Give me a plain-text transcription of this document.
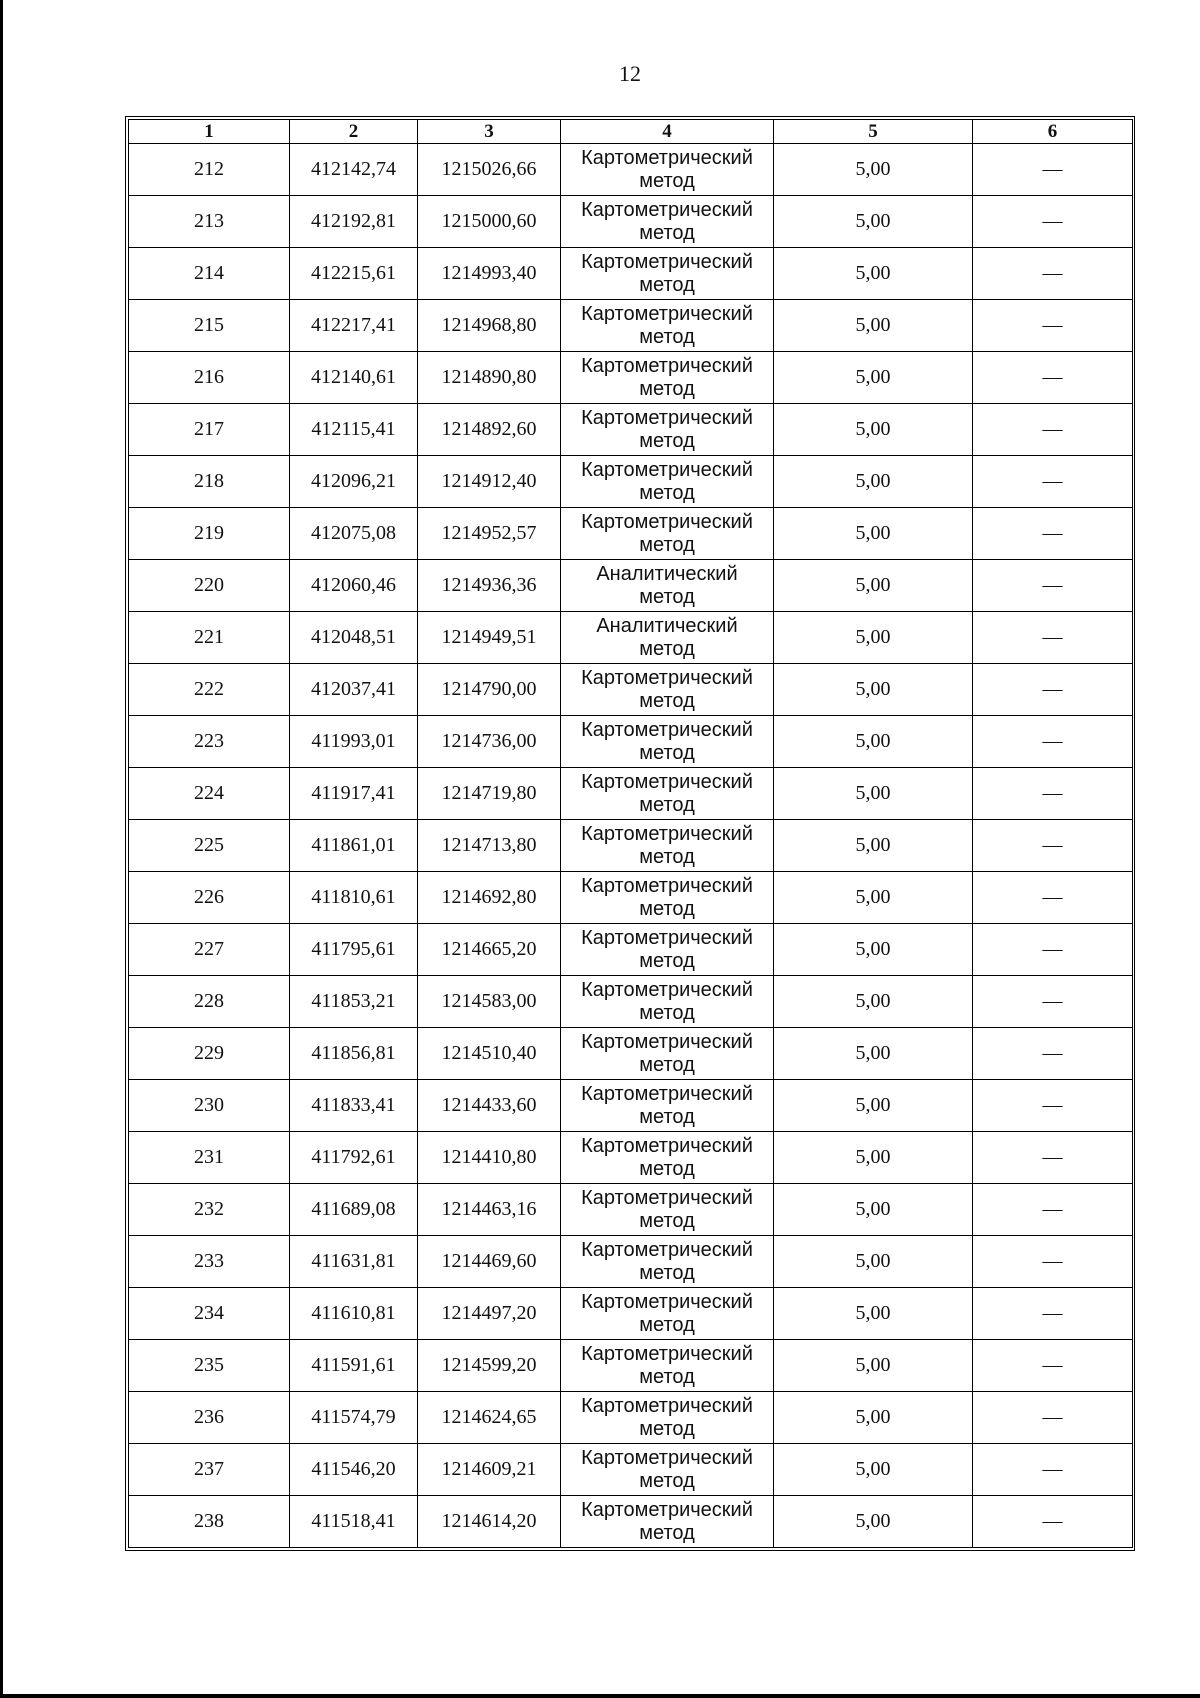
12
1	2	3	4	5	6
212	412142,74	1215026,66	Картометрический
метод	5,00	—
213	412192,81	1215000,60	Картометрический
метод	5,00	—
214	412215,61	1214993,40	Картометрический
метод	5,00	—
215	412217,41	1214968,80	Картометрический
метод	5,00	—
216	412140,61	1214890,80	Картометрический
метод	5,00	—
217	412115,41	1214892,60	Картометрический
метод	5,00	—
218	412096,21	1214912,40	Картометрический
метод	5,00	—
219	412075,08	1214952,57	Картометрический
метод	5,00	—
220	412060,46	1214936,36	Аналитический
метод	5,00	—
221	412048,51	1214949,51	Аналитический
метод	5,00	—
222	412037,41	1214790,00	Картометрический
метод	5,00	—
223	411993,01	1214736,00	Картометрический
метод	5,00	—
224	411917,41	1214719,80	Картометрический
метод	5,00	—
225	411861,01	1214713,80	Картометрический
метод	5,00	—
226	411810,61	1214692,80	Картометрический
метод	5,00	—
227	411795,61	1214665,20	Картометрический
метод	5,00	—
228	411853,21	1214583,00	Картометрический
метод	5,00	—
229	411856,81	1214510,40	Картометрический
метод	5,00	—
230	411833,41	1214433,60	Картометрический
метод	5,00	—
231	411792,61	1214410,80	Картометрический
метод	5,00	—
232	411689,08	1214463,16	Картометрический
метод	5,00	—
233	411631,81	1214469,60	Картометрический
метод	5,00	—
234	411610,81	1214497,20	Картометрический
метод	5,00	—
235	411591,61	1214599,20	Картометрический
метод	5,00	—
236	411574,79	1214624,65	Картометрический
метод	5,00	—
237	411546,20	1214609,21	Картометрический
метод	5,00	—
238	411518,41	1214614,20	Картометрический
метод	5,00	—
